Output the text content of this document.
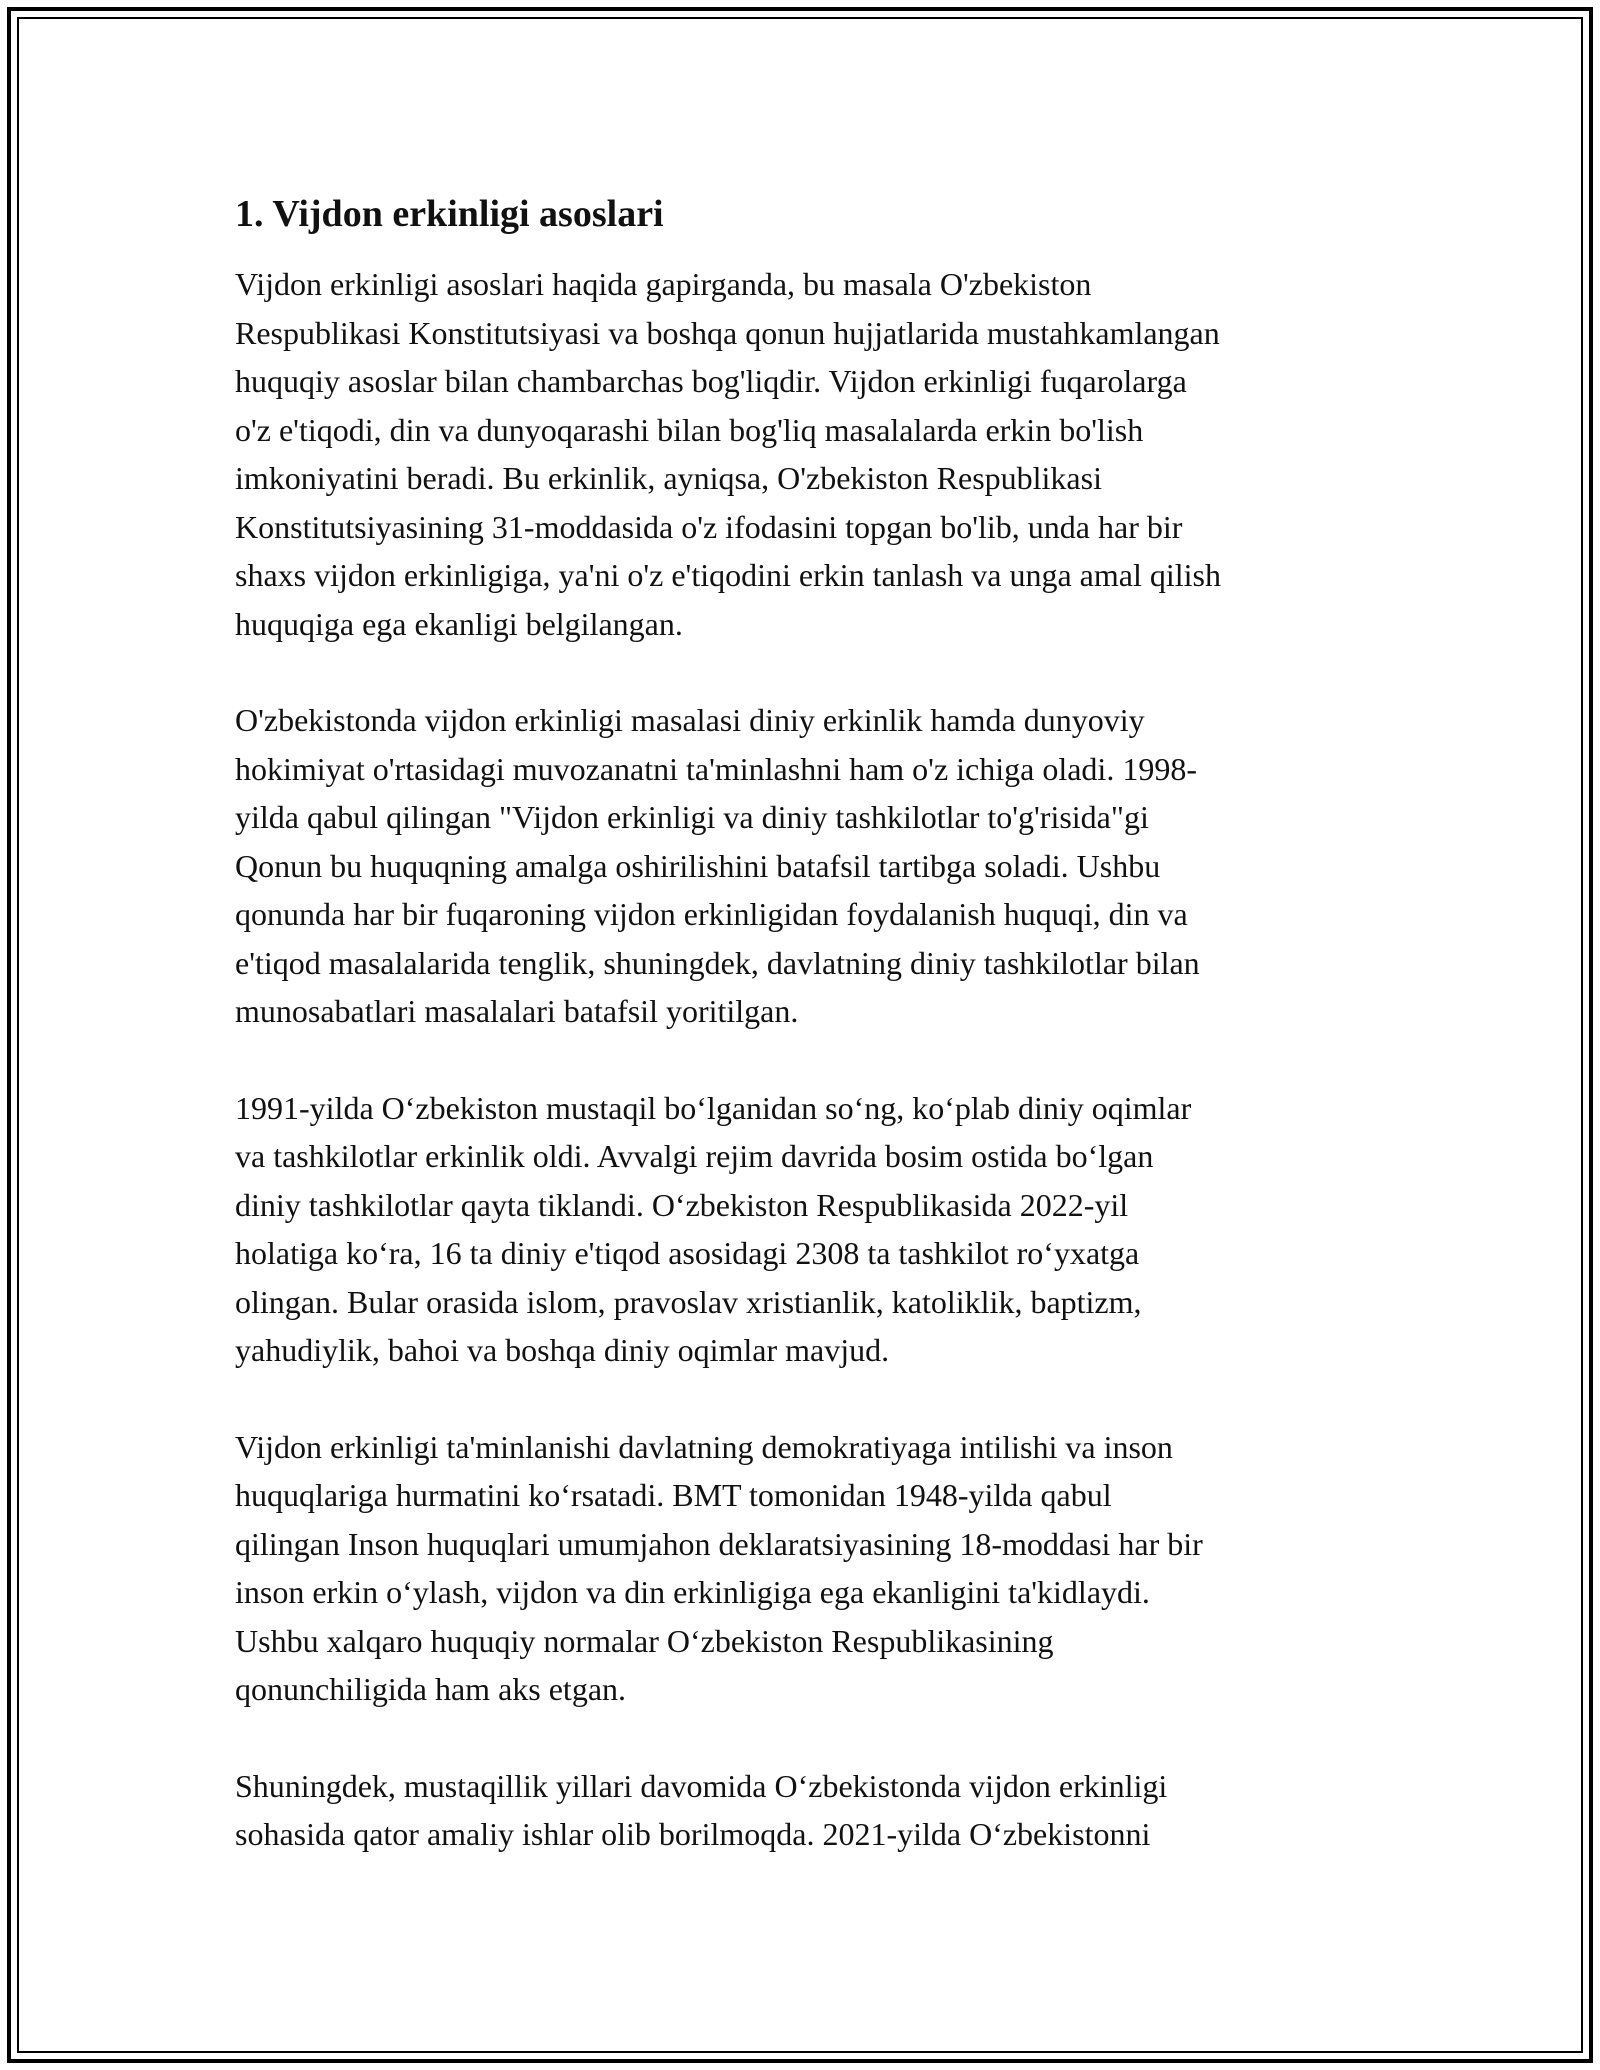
1. Vijdon erkinligi asoslari

Vijdon erkinligi asoslari haqida gapirganda, bu masala O'zbekiston
Respublikasi Konstitutsiyasi va boshqa qonun hujjatlarida mustahkamlangan
huquqiy asoslar bilan chambarchas bog'liqdir. Vijdon erkinligi fuqarolarga
o'z e'tiqodi, din va dunyoqarashi bilan bog'liq masalalarda erkin bo'lish
imkoniyatini beradi. Bu erkinlik, ayniqsa, O'zbekiston Respublikasi
Konstitutsiyasining 31-moddasida o'z ifodasini topgan bo'lib, unda har bir
shaxs vijdon erkinligiga, ya'ni o'z e'tiqodini erkin tanlash va unga amal qilish
huquqiga ega ekanligi belgilangan.

O'zbekistonda vijdon erkinligi masalasi diniy erkinlik hamda dunyoviy
hokimiyat o'rtasidagi muvozanatni ta'minlashni ham o'z ichiga oladi. 1998-
yilda qabul qilingan "Vijdon erkinligi va diniy tashkilotlar to'g'risida"gi
Qonun bu huquqning amalga oshirilishini batafsil tartibga soladi. Ushbu
qonunda har bir fuqaroning vijdon erkinligidan foydalanish huquqi, din va
e'tiqod masalalarida tenglik, shuningdek, davlatning diniy tashkilotlar bilan
munosabatlari masalalari batafsil yoritilgan.

1991-yilda O‘zbekiston mustaqil bo‘lganidan so‘ng, ko‘plab diniy oqimlar
va tashkilotlar erkinlik oldi. Avvalgi rejim davrida bosim ostida bo‘lgan
diniy tashkilotlar qayta tiklandi. O‘zbekiston Respublikasida 2022-yil
holatiga ko‘ra, 16 ta diniy e'tiqod asosidagi 2308 ta tashkilot ro‘yxatga
olingan. Bular orasida islom, pravoslav xristianlik, katoliklik, baptizm,
yahudiylik, bahoi va boshqa diniy oqimlar mavjud.

Vijdon erkinligi ta'minlanishi davlatning demokratiyaga intilishi va inson
huquqlariga hurmatini ko‘rsatadi. BMT tomonidan 1948-yilda qabul
qilingan Inson huquqlari umumjahon deklaratsiyasining 18-moddasi har bir
inson erkin o‘ylash, vijdon va din erkinligiga ega ekanligini ta'kidlaydi.
Ushbu xalqaro huquqiy normalar O‘zbekiston Respublikasining
qonunchiligida ham aks etgan.

Shuningdek, mustaqillik yillari davomida O‘zbekistonda vijdon erkinligi
sohasida qator amaliy ishlar olib borilmoqda. 2021-yilda O‘zbekistonni
